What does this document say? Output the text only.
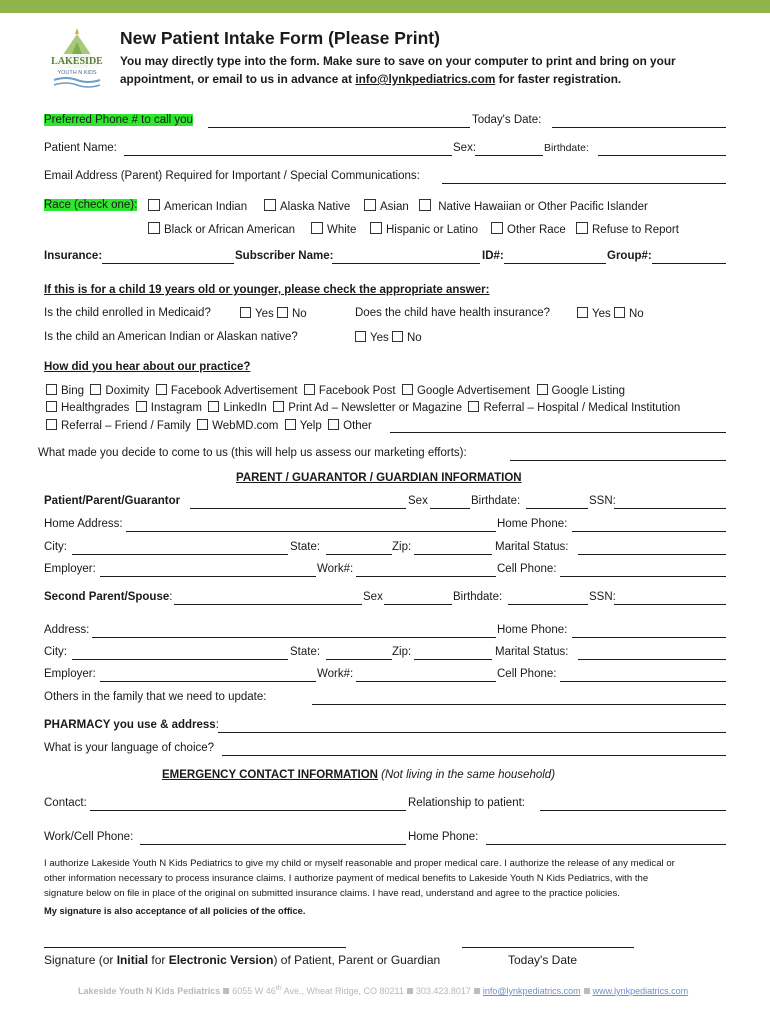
LAKESIDE
YOUTH N KIDS
New Patient Intake Form (Please Print)
You may directly type into the form. Make sure to save on your computer to print and bring on your
appointment, or email to us in advance at info@lynkpediatrics.com for faster registration.
Preferred Phone # to call you	Today's Date:
Patient Name:	Sex:	Birthdate:
Email Address (Parent) Required for Important / Special Communications:
Race (check one):	American Indian	Alaska Native	Asian	Native Hawaiian or Other Pacific Islander
Black or African American	White	Hispanic or Latino	Other Race	Refuse to Report
Insurance:	Subscriber Name:	ID#:	Group#:
If this is for a child 19 years old or younger, please check the appropriate answer:
Is the child enrolled in Medicaid?	Yes No	Does the child have health insurance?	Yes No
Is the child an American Indian or Alaskan native?	Yes No
How did you hear about our practice?
Bing Doximity Facebook Advertisement Facebook Post Google Advertisement Google Listing
Healthgrades Instagram LinkedIn Print Ad – Newsletter or Magazine Referral – Hospital / Medical Institution
Referral – Friend / Family WebMD.com Yelp Other
What made you decide to come to us (this will help us assess our marketing efforts):
PARENT / GUARANTOR / GUARDIAN INFORMATION
Patient/Parent/Guarantor	Sex	Birthdate:	SSN:
Home Address:	Home Phone:
City:	State:	Zip:	Marital Status:
Employer:	Work#:	Cell Phone:
Second Parent/Spouse:	Sex	Birthdate:	SSN:
Address:	Home Phone:
City:	State:	Zip:	Marital Status:
Employer:	Work#:	Cell Phone:
Others in the family that we need to update:
PHARMACY you use & address:
What is your language of choice?
EMERGENCY CONTACT INFORMATION (Not living in the same household)
Contact:	Relationship to patient:
Work/Cell Phone:	Home Phone:
I authorize Lakeside Youth N Kids Pediatrics to give my child or myself reasonable and proper medical care. I authorize the release of any medical or
other information necessary to process insurance claims. I authorize payment of medical benefits to Lakeside Youth N Kids Pediatrics, with the
signature below on file in place of the original on submitted insurance claims. I have read, understand and agree to the practice policies.
My signature is also acceptance of all policies of the office.
Signature (or Initial for Electronic Version) of Patient, Parent or Guardian	Today's Date
Lakeside Youth N Kids Pediatrics 6055 W 46th Ave., Wheat Ridge, CO 80211 303.423.8017 info@lynkpediatrics.com www.lynkpediatrics.com
